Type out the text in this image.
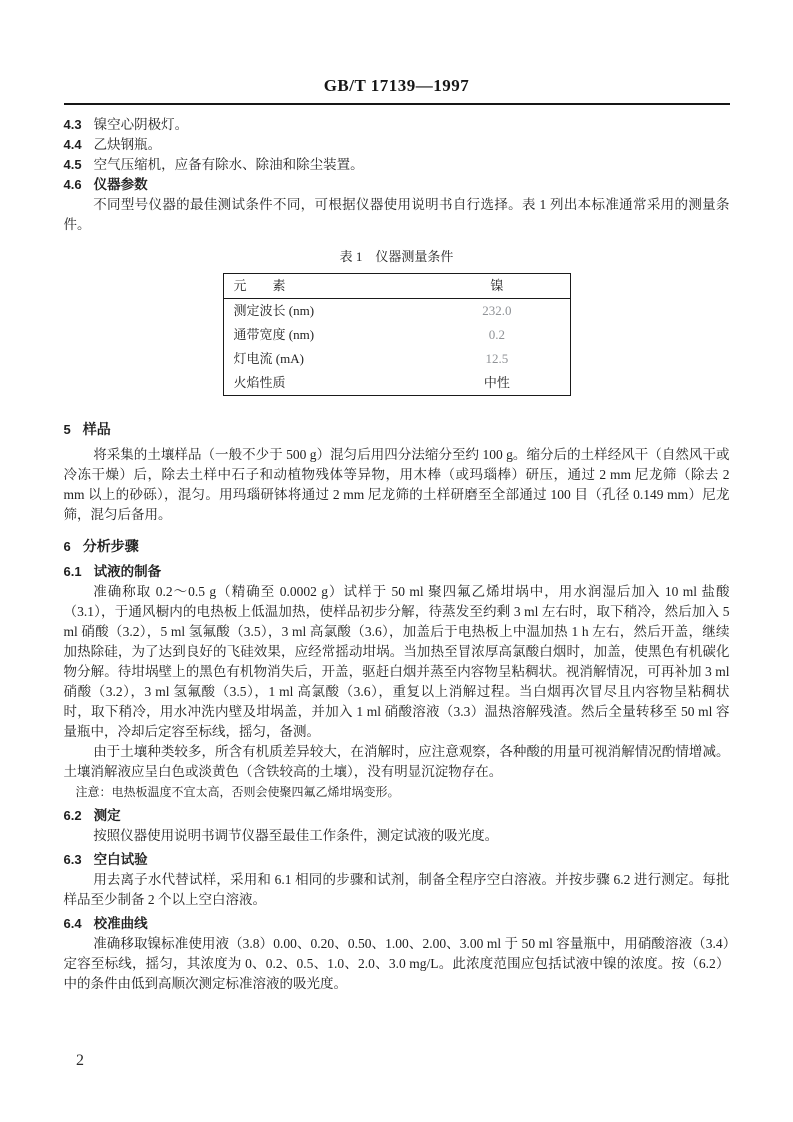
GB/T 17139—1997

4.3 镍空心阴极灯。

4.4 乙炔钢瓶。

4.5 空气压缩机，应备有除水、除油和除尘装置。

4.6 仪器参数

不同型号仪器的最佳测试条件不同，可根据仪器使用说明书自行选择。表 1 列出本标准通常采用的测量条件。

表 1　仪器测量条件
元　　素	镍
测定波长 (nm)	232.0
通带宽度 (nm)	0.2
灯电流 (mA)	12.5
火焰性质	中性

5 样品

将采集的土壤样品（一般不少于 500 g）混匀后用四分法缩分至约 100 g。缩分后的土样经风干（自然风干或冷冻干燥）后，除去土样中石子和动植物残体等异物，用木棒（或玛瑙棒）研压，通过 2 mm 尼龙筛（除去 2 mm 以上的砂砾），混匀。用玛瑙研钵将通过 2 mm 尼龙筛的土样研磨至全部通过 100 目（孔径 0.149 mm）尼龙筛，混匀后备用。

6 分析步骤

6.1 试液的制备

准确称取 0.2～0.5 g（精确至 0.0002 g）试样于 50 ml 聚四氟乙烯坩埚中，用水润湿后加入 10 ml 盐酸（3.1），于通风橱内的电热板上低温加热，使样品初步分解，待蒸发至约剩 3 ml 左右时，取下稍冷，然后加入 5 ml 硝酸（3.2），5 ml 氢氟酸（3.5），3 ml 高氯酸（3.6），加盖后于电热板上中温加热 1 h 左右，然后开盖，继续加热除硅，为了达到良好的飞硅效果，应经常摇动坩埚。当加热至冒浓厚高氯酸白烟时，加盖，使黑色有机碳化物分解。待坩埚壁上的黑色有机物消失后，开盖，驱赶白烟并蒸至内容物呈粘稠状。视消解情况，可再补加 3 ml 硝酸（3.2），3 ml 氢氟酸（3.5），1 ml 高氯酸（3.6），重复以上消解过程。当白烟再次冒尽且内容物呈粘稠状时，取下稍冷，用水冲洗内壁及坩埚盖，并加入 1 ml 硝酸溶液（3.3）温热溶解残渣。然后全量转移至 50 ml 容量瓶中，冷却后定容至标线，摇匀，备测。

由于土壤种类较多，所含有机质差异较大，在消解时，应注意观察，各种酸的用量可视消解情况酌情增减。土壤消解液应呈白色或淡黄色（含铁较高的土壤），没有明显沉淀物存在。

注意：电热板温度不宜太高，否则会使聚四氟乙烯坩埚变形。

6.2 测定

按照仪器使用说明书调节仪器至最佳工作条件，测定试液的吸光度。

6.3 空白试验

用去离子水代替试样，采用和 6.1 相同的步骤和试剂，制备全程序空白溶液。并按步骤 6.2 进行测定。每批样品至少制备 2 个以上空白溶液。

6.4 校准曲线

准确移取镍标准使用液（3.8）0.00、0.20、0.50、1.00、2.00、3.00 ml 于 50 ml 容量瓶中，用硝酸溶液（3.4）定容至标线，摇匀，其浓度为 0、0.2、0.5、1.0、2.0、3.0 mg/L。此浓度范围应包括试液中镍的浓度。按（6.2）中的条件由低到高顺次测定标准溶液的吸光度。

2
